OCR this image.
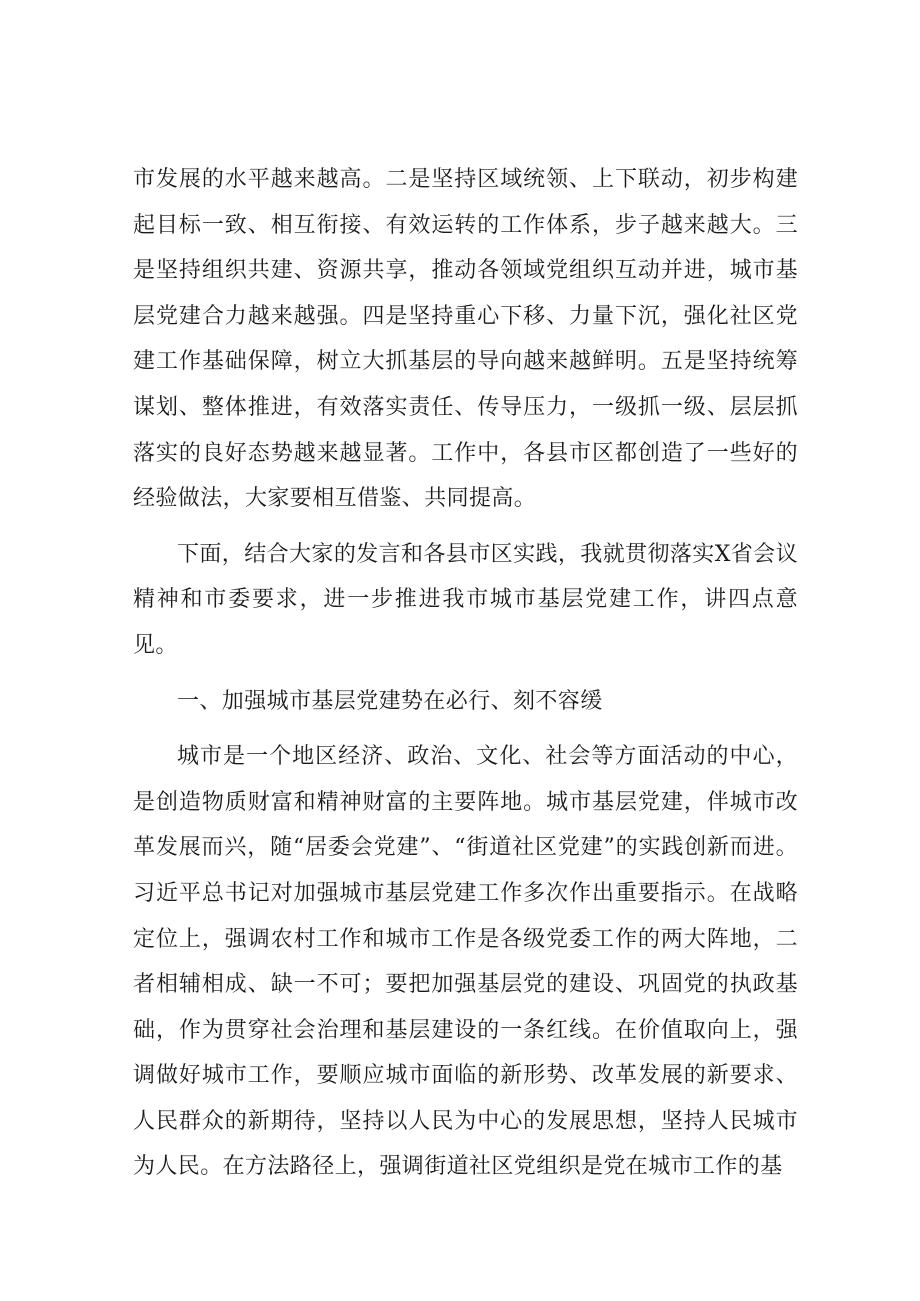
市发展的水平越来越高。二是坚持区域统领、上下联动，初步构建起目标一致、相互衔接、有效运转的工作体系，步子越来越大。三是坚持组织共建、资源共享，推动各领域党组织互动并进，城市基层党建合力越来越强。四是坚持重心下移、力量下沉，强化社区党建工作基础保障，树立大抓基层的导向越来越鲜明。五是坚持统筹谋划、整体推进，有效落实责任、传导压力，一级抓一级、层层抓落实的良好态势越来越显著。工作中，各县市区都创造了一些好的经验做法，大家要相互借鉴、共同提高。

下面，结合大家的发言和各县市区实践，我就贯彻落实X省会议精神和市委要求，进一步推进我市城市基层党建工作，讲四点意见。

一、加强城市基层党建势在必行、刻不容缓

城市是一个地区经济、政治、文化、社会等方面活动的中心，是创造物质财富和精神财富的主要阵地。城市基层党建，伴城市改革发展而兴，随“居委会党建”、“街道社区党建”的实践创新而进。习近平总书记对加强城市基层党建工作多次作出重要指示。在战略定位上，强调农村工作和城市工作是各级党委工作的两大阵地，二者相辅相成、缺一不可；要把加强基层党的建设、巩固党的执政基础，作为贯穿社会治理和基层建设的一条红线。在价值取向上，强调做好城市工作，要顺应城市面临的新形势、改革发展的新要求、人民群众的新期待，坚持以人民为中心的发展思想，坚持人民城市为人民。在方法路径上，强调街道社区党组织是党在城市工作的基
